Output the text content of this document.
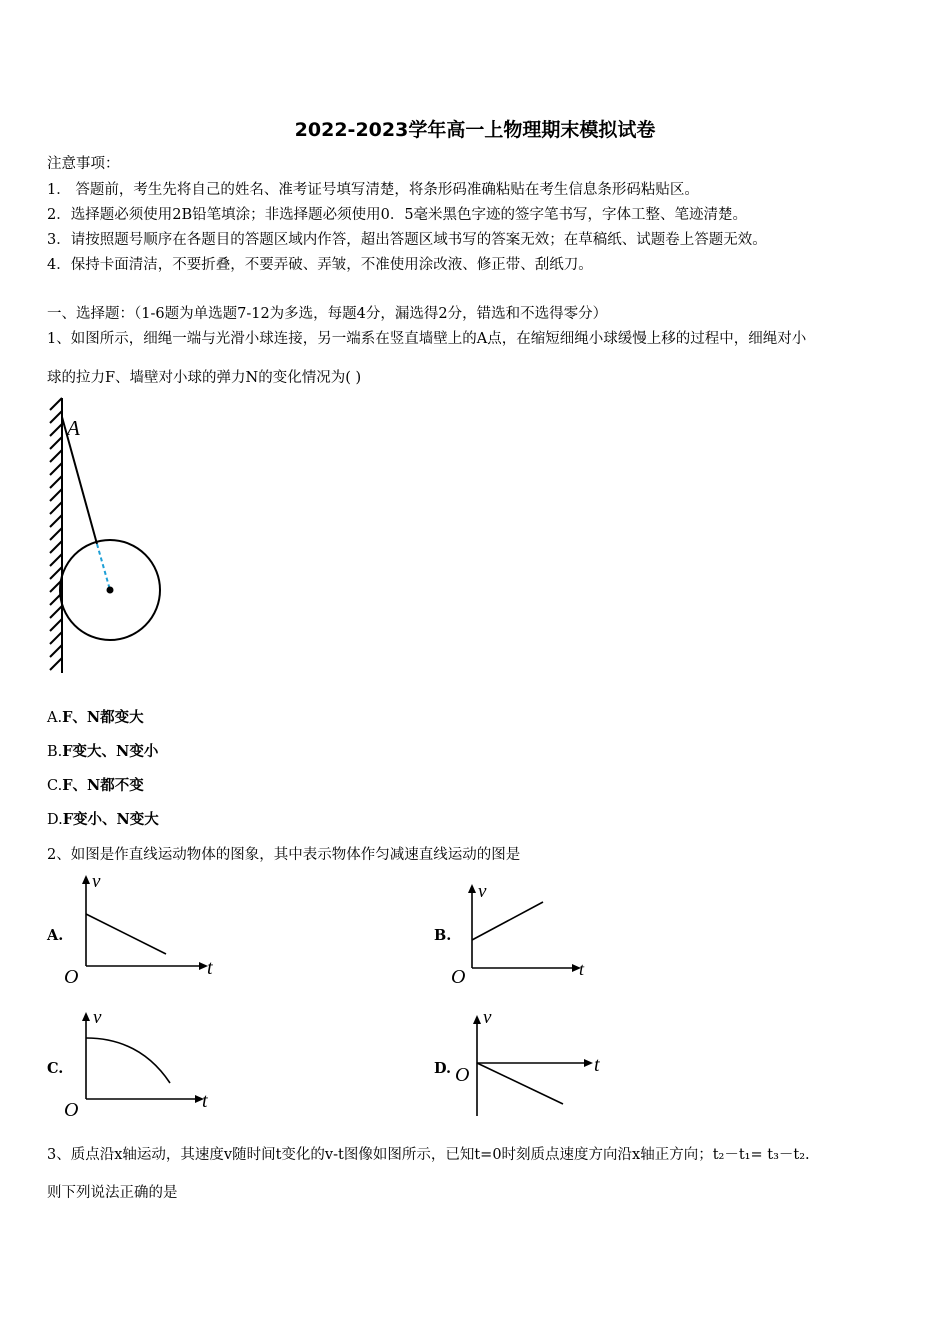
2022-2023学年高一上物理期末模拟试卷
注意事项：
1． 答题前，考生先将自己的姓名、准考证号填写清楚，将条形码准确粘贴在考生信息条形码粘贴区。
2．选择题必须使用2B铅笔填涂；非选择题必须使用0．5毫米黑色字迹的签字笔书写，字体工整、笔迹清楚。
3．请按照题号顺序在各题目的答题区域内作答，超出答题区域书写的答案无效；在草稿纸、试题卷上答题无效。
4．保持卡面清洁，不要折叠，不要弄破、弄皱，不准使用涂改液、修正带、刮纸刀。
一、选择题：（1-6题为单选题7-12为多选，每题4分，漏选得2分，错选和不选得零分）
1、如图所示，细绳一端与光滑小球连接，另一端系在竖直墙壁上的A点，在缩短细绳小球缓慢上移的过程中，细绳对小
球的拉力F、墙壁对小球的弹力N的变化情况为( )
A
A.F、N都变大
B.F变大、N变小
C.F、N都不变
D.F变小、N变大
2、如图是作直线运动物体的图象，其中表示物体作匀减速直线运动的图是
A.	B.
C.	D.
v
t
O
v
t
O
v
t
O
v
t
O
3、质点沿x轴运动，其速度v随时间t变化的v-t图像如图所示，已知t=0时刻质点速度方向沿x轴正方向；t₂－t₁= t₃－t₂.
则下列说法正确的是
